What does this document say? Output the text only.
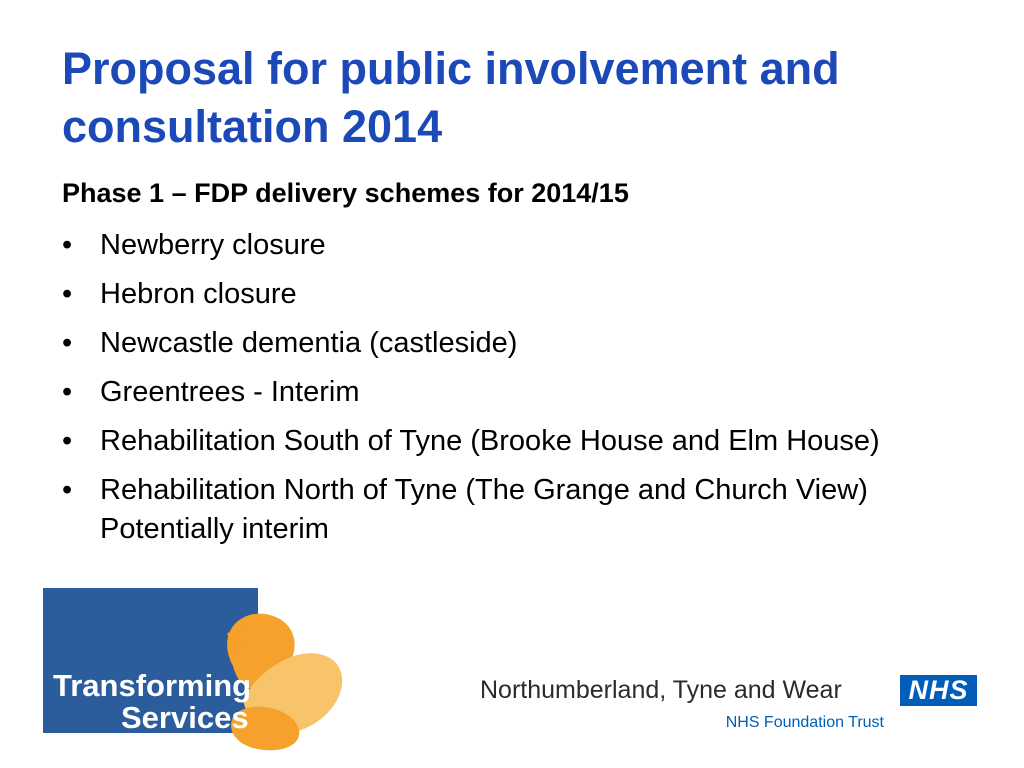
Proposal for public involvement and consultation 2014

Phase 1 – FDP delivery schemes for 2014/15

• Newberry closure
• Hebron closure
• Newcastle dementia (castleside)
• Greentrees - Interim
• Rehabilitation South of Tyne (Brooke House and Elm House)
• Rehabilitation North of Tyne (The Grange and Church View) Potentially interim
Transforming
Services
Northumberland, Tyne and Wear	NHS
NHS Foundation Trust
